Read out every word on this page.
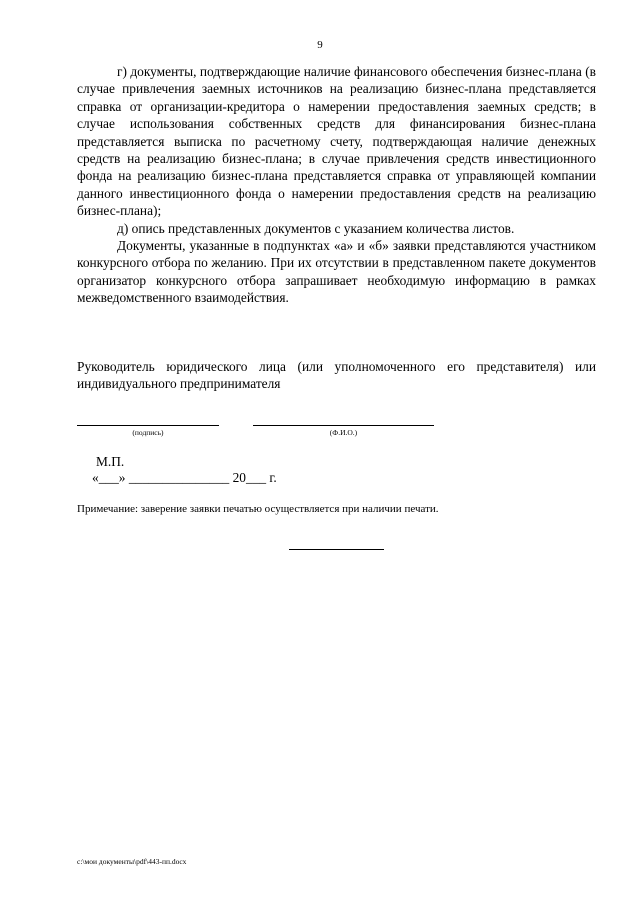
9

г) документы, подтверждающие наличие финансового обеспечения бизнес-плана (в случае привлечения заемных источников на реализацию бизнес-плана представляется справка от организации-кредитора о намерении предоставления заемных средств; в случае использования собственных средств для финансирования бизнес-плана представляется выписка по расчетному счету, подтверждающая наличие денежных средств на реализацию бизнес-плана; в случае привлечения средств инвестиционного фонда на реализацию бизнес-плана представляется справка от управляющей компании данного инвестиционного фонда о намерении предоставления средств на реализацию бизнес-плана);

д) опись представленных документов с указанием количества листов.

Документы, указанные в подпунктах «а» и «б» заявки представляются участником конкурсного отбора по желанию. При их отсутствии в представленном пакете документов организатор конкурсного отбора запрашивает необходимую информацию в рамках межведомственного взаимодействия.

Руководитель юридического лица (или уполномоченного его представителя) или индивидуального предпринимателя

(подпись)	(Ф.И.О.)
М.П.
«___» _______________ 20___ г.
Примечание: заверение заявки печатью осуществляется при наличии печати.
c:\мои документы\pdf\443-пп.docx
